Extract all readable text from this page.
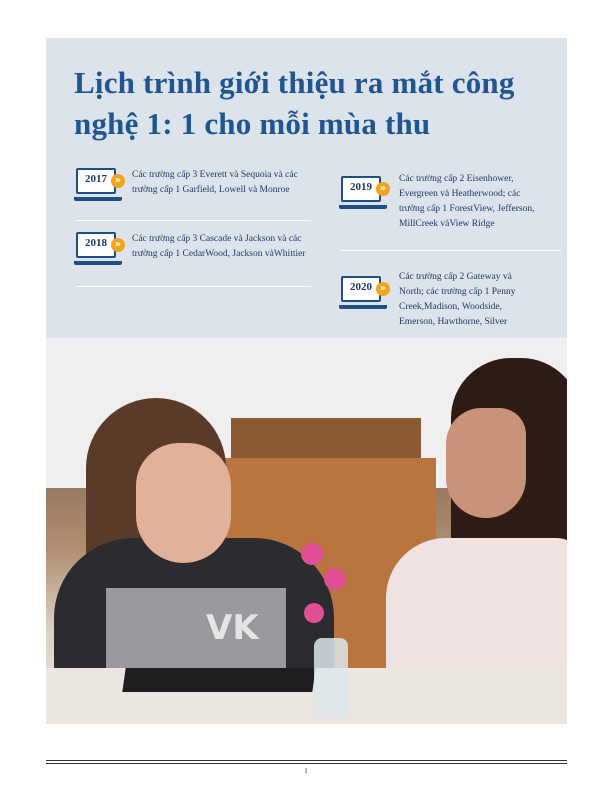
Lịch trình giới thiệu ra mắt công nghệ 1: 1 cho mỗi mùa thu
2017 »	Các trường cấp 3 Everett và Sequoia và các
trường cấp 1 Garfield, Lowell và Monroe
2018 »	Các trường cấp 3 Cascade và Jackson và các
trường cấp 1 CedarWood, Jackson vàWhittier
2019 »
Các trường cấp 2 Eisenhower,
Evergreen và Heatherwood; các
trường cấp 1 ForestView, Jefferson,
MillCreek vàView Ridge
2020 »
Các trường cấp 2 Gateway và
North; các trường cấp 1 Penny
Creek,Madison, Woodside,
Emerson, Hawthorne, Silver
VK
1
